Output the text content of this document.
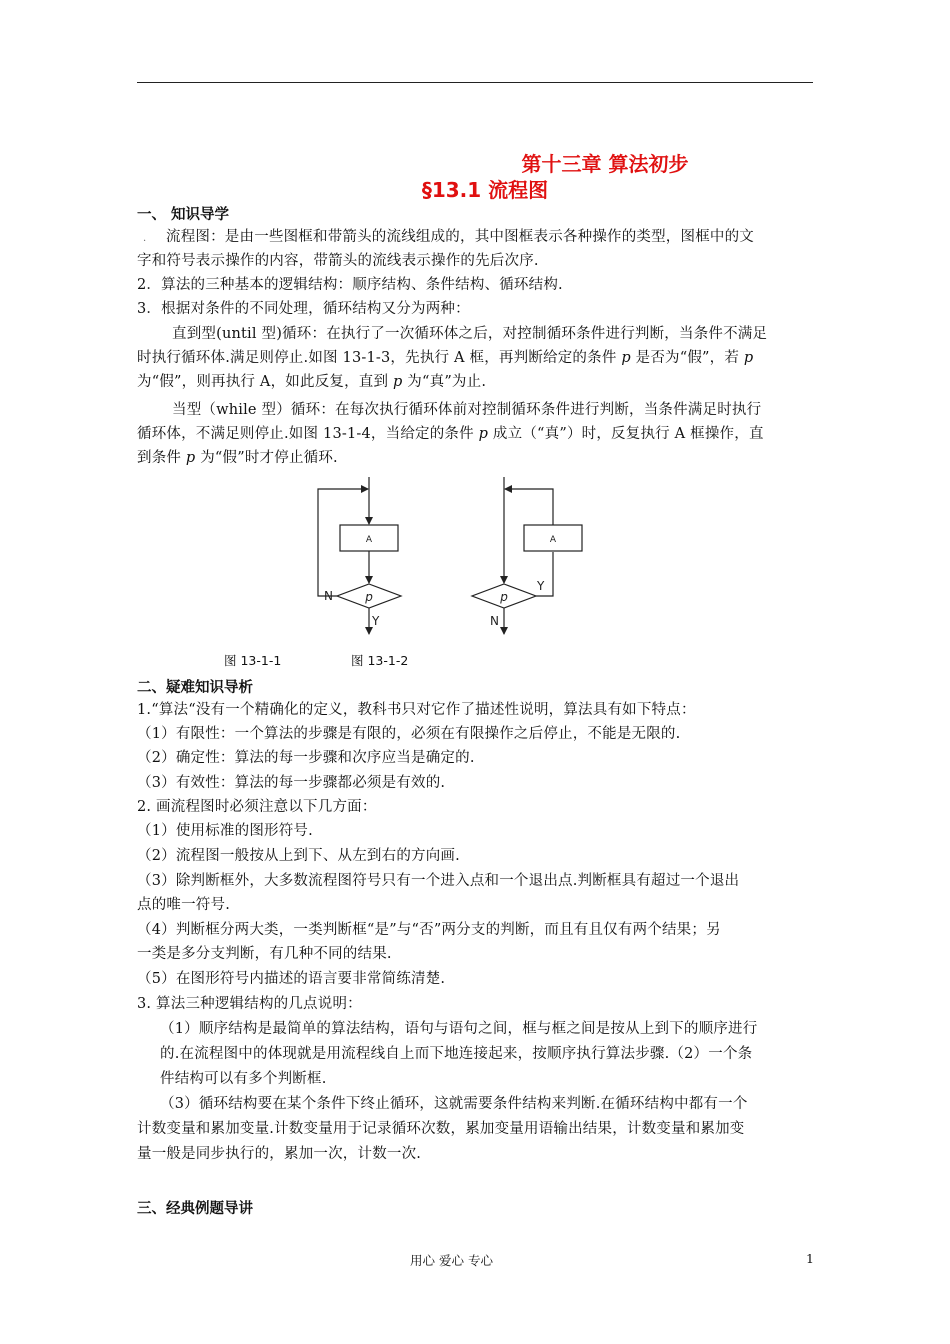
第十三章 算法初步
§13.1 流程图
一、 知识导学
. 流程图：是由一些图框和带箭头的流线组成的，其中图框表示各种操作的类型，图框中的文
字和符号表示操作的内容，带箭头的流线表示操作的先后次序.
2．算法的三种基本的逻辑结构：顺序结构、条件结构、循环结构.
3．根据对条件的不同处理，循环结构又分为两种：
直到型(until 型)循环：在执行了一次循环体之后，对控制循环条件进行判断，当条件不满足
时执行循环体.满足则停止.如图 13-1-3，先执行 A 框，再判断给定的条件 p 是否为“假”，若 p
为“假”，则再执行 A，如此反复，直到 p 为“真”为止.
当型（while 型）循环：在每次执行循环体前对控制循环条件进行判断，当条件满足时执行
循环体，不满足则停止.如图 13-1-4，当给定的条件 p 成立（“真”）时，反复执行 A 框操作，直
到条件 p 为“假”时才停止循环.
A
p
N
Y
A
p
Y
N
图 13-1-1	图 13-1-2
二、疑难知识导析
1.“算法“没有一个精确化的定义，教科书只对它作了描述性说明，算法具有如下特点：
（1）有限性：一个算法的步骤是有限的，必须在有限操作之后停止，不能是无限的.
（2）确定性：算法的每一步骤和次序应当是确定的.
（3）有效性：算法的每一步骤都必须是有效的.
2. 画流程图时必须注意以下几方面：
（1）使用标准的图形符号.
（2）流程图一般按从上到下、从左到右的方向画.
（3）除判断框外，大多数流程图符号只有一个进入点和一个退出点.判断框具有超过一个退出
点的唯一符号.
（4）判断框分两大类，一类判断框“是”与“否”两分支的判断，而且有且仅有两个结果；另
一类是多分支判断，有几种不同的结果.
（5）在图形符号内描述的语言要非常简练清楚.
3. 算法三种逻辑结构的几点说明：
（1）顺序结构是最简单的算法结构，语句与语句之间，框与框之间是按从上到下的顺序进行
的.在流程图中的体现就是用流程线自上而下地连接起来，按顺序执行算法步骤.（2）一个条
件结构可以有多个判断框.
（3）循环结构要在某个条件下终止循环，这就需要条件结构来判断.在循环结构中都有一个
计数变量和累加变量.计数变量用于记录循环次数，累加变量用语输出结果，计数变量和累加变
量一般是同步执行的，累加一次，计数一次.
三、经典例题导讲
用心 爱心 专心	1
